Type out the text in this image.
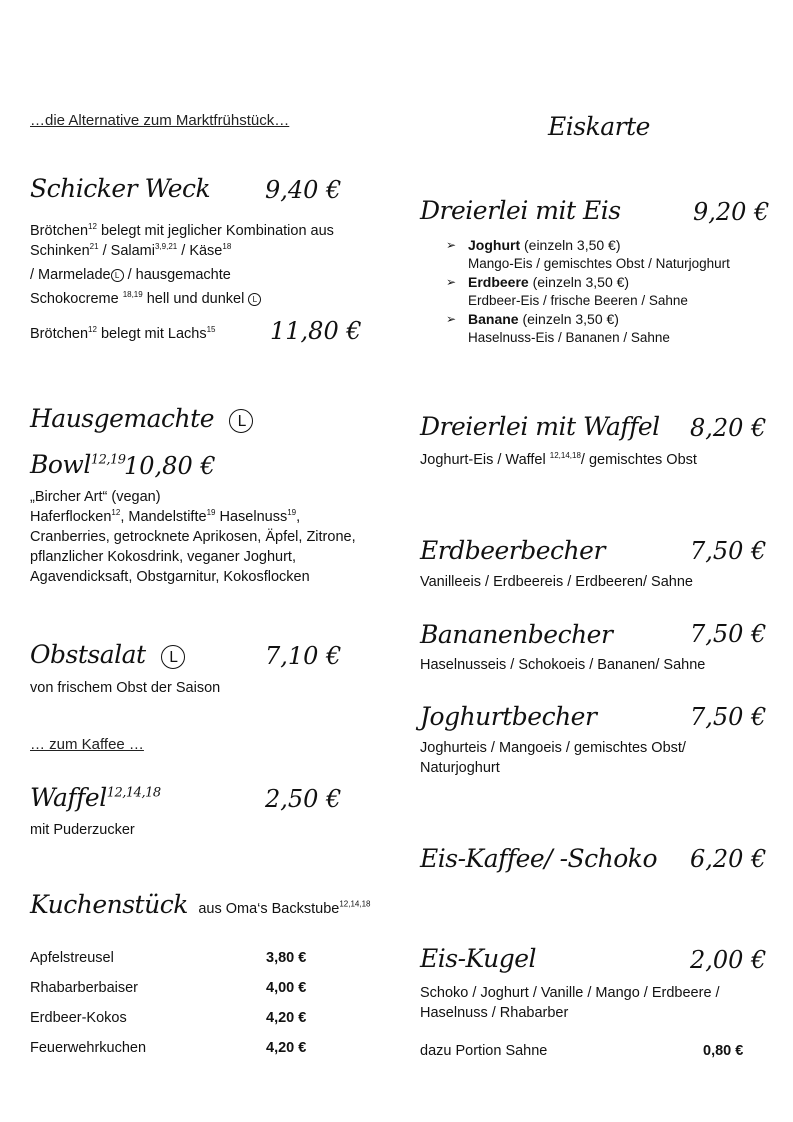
…die Alternative zum Marktfrühstück…
Schicker Weck 9,40 €
Brötchen$^{12}$ belegt mit jeglicher Kombination aus Schinken$^{21}$ / Salami$^{3,9,21}$ / Käse$^{18}$
/ Marmelade L / hausgemachte
Schokocreme $^{18,19}$ hell und dunkel L
Brötchen$^{12}$ belegt mit Lachs$^{15}$ 11,80 €
Hausgemachte L
Bowl$^{12,19}$
10,80 €
„Bircher Art“ (vegan)
Haferflocken$^{12}$, Mandelstifte$^{19}$ Haselnuss$^{19}$, Cranberries, getrocknete Aprikosen, Äpfel, Zitrone, pflanzlicher Kokosdrink, veganer Joghurt, Agavendicksaft, Obstgarnitur, Kokosflocken
Obstsalat L	7,10 €
von frischem Obst der Saison
… zum Kaffee …
Waffel$^{12,14,18}$	2,50 €
mit Puderzucker
Kuchenstück aus Oma‘s Backstube$^{12,14,18}$
Apfelstreusel	3,80 €
Rhabarberbaiser	4,00 €
Erdbeer-Kokos	4,20 €
Feuerwehrkuchen	4,20 €
Eiskarte
Dreierlei mit Eis	9,20 €
➢ Joghurt (einzeln 3,50 €)
Mango-Eis / gemischtes Obst / Naturjoghurt
➢ Erdbeere (einzeln 3,50 €)
Erdbeer-Eis / frische Beeren / Sahne
➢ Banane (einzeln 3,50 €)
Haselnuss-Eis / Bananen / Sahne
Dreierlei mit Waffel 8,20 €
Joghurt-Eis / Waffel $^{12,14,18}$/ gemischtes Obst
Erdbeerbecher	7,50 €
Vanilleeis / Erdbeereis / Erdbeeren/ Sahne
Bananenbecher	7,50 €
Haselnusseis / Schokoeis / Bananen/ Sahne
Joghurtbecher	7,50 €
Joghurteis / Mangoeis / gemischtes Obst/ Naturjoghurt
Eis-Kaffee/ -Schoko 6,20 €
Eis-Kugel	2,00 €
Schoko / Joghurt / Vanille / Mango / Erdbeere / Haselnuss / Rhabarber
dazu Portion Sahne	0,80 €
